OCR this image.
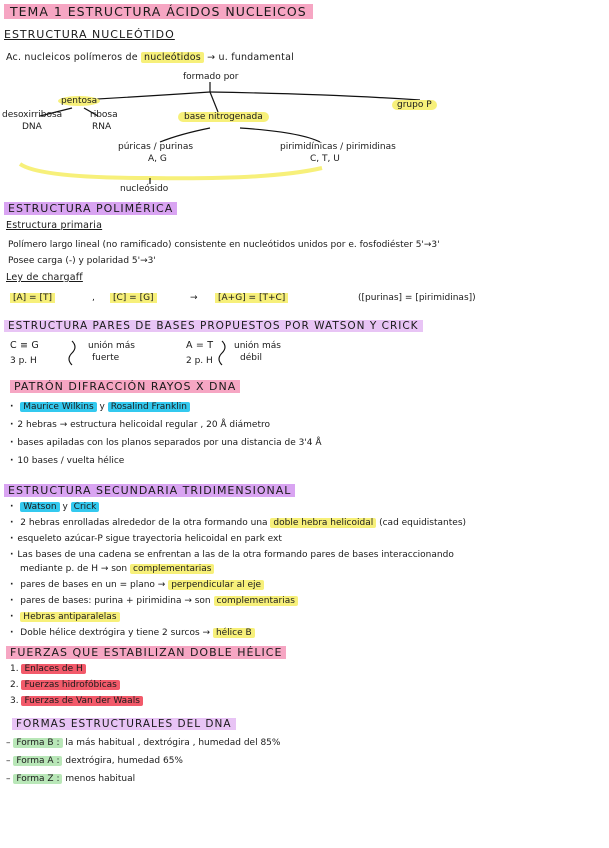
TEMA 1 ESTRUCTURA ÁCIDOS NUCLEICOS
ESTRUCTURA NUCLEÓTIDO
Ac. nucleicos polímeros de nucleótidos → u. fundamental
formado por
pentosa
desoxirribosa
DNA
ribosa
RNA
base nitrogenada
grupo P
púricas / purinas
A, G
pirimidínicas / pirimidinas
C, T, U
nucleósido
ESTRUCTURA POLIMÉRICA
Estructura primaria
Polímero largo lineal (no ramificado) consistente en nucleótidos unidos por e. fosfodiéster 5'→3'
Posee carga (-) y polaridad 5'→3'
Ley de chargaff
[A] = [T]	,	[C] = [G]	→	[A+G] = [T+C]	([purinas] = [pirimidinas])
ESTRUCTURA PARES DE BASES PROPUESTOS POR WATSON Y CRICK
C ≡ G
3 p. H
unión más
fuerte
A = T
2 p. H
unión más
débil
PATRÓN DIFRACCIÓN RAYOS X DNA
· Maurice Wilkins y Rosalind Franklin
· 2 hebras → estructura helicoidal regular , 20 Å diámetro
· bases apiladas con los planos separados por una distancia de 3'4 Å
· 10 bases / vuelta hélice
ESTRUCTURA SECUNDARIA TRIDIMENSIONAL
· Watson y Crick
· 2 hebras enrolladas alrededor de la otra formando una doble hebra helicoidal (cad equidistantes)
· esqueleto azúcar-P sigue trayectoria helicoidal en park ext
· Las bases de una cadena se enfrentan a las de la otra formando pares de bases interaccionando
mediante p. de H → son complementarias
· pares de bases en un = plano → perpendicular al eje
· pares de bases: purina + pirimidina → son complementarias
· Hebras antiparalelas
· Doble hélice dextrógira y tiene 2 surcos → hélice B
FUERZAS QUE ESTABILIZAN DOBLE HÉLICE
1. Enlaces de H
2. Fuerzas hidrofóbicas
3. Fuerzas de Van der Waals
FORMAS ESTRUCTURALES DEL DNA
– Forma B : la más habitual , dextrógira , humedad del 85%
– Forma A : dextrógira, humedad 65%
– Forma Z : menos habitual
